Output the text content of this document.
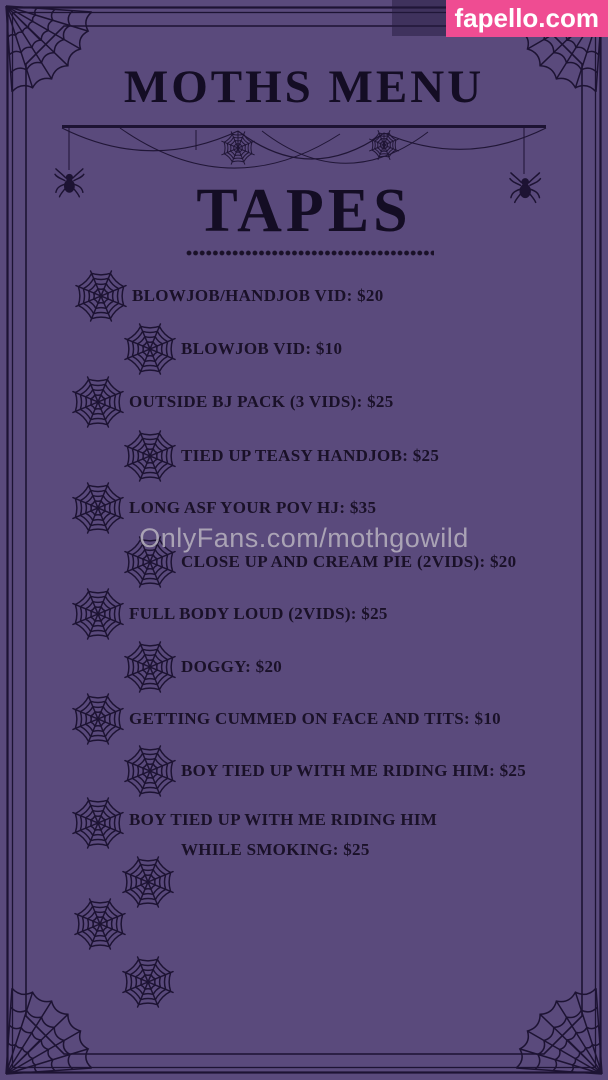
fapello.com
MOTHS MENU
TAPES
BLOWJOB/HANDJOB VID: $20
BLOWJOB VID: $10
OUTSIDE BJ PACK (3 VIDS): $25
TIED UP TEASY HANDJOB: $25
LONG ASF YOUR POV HJ: $35
CLOSE UP AND CREAM PIE (2VIDS): $20
FULL BODY LOUD (2VIDS): $25
DOGGY: $20
GETTING CUMMED ON FACE AND TITS: $10
BOY TIED UP WITH ME RIDING HIM: $25
BOY TIED UP WITH ME RIDING HIM
WHILE SMOKING: $25
OnlyFans.com/mothgowild
